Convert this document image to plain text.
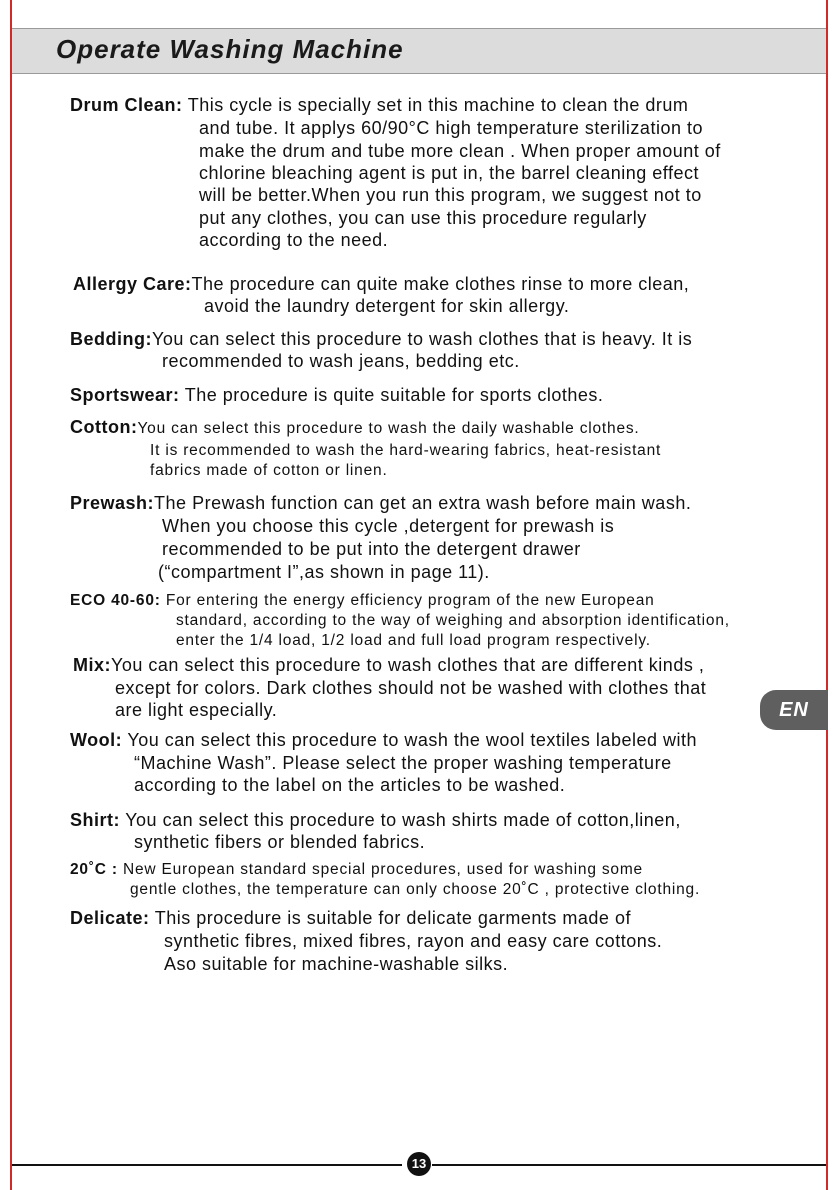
Operate Washing Machine
EN
Drum Clean: This cycle is specially set in this machine to clean the drum
and tube. It applys 60/90°C high temperature sterilization to
make the drum and tube more clean . When proper amount of
chlorine bleaching agent is put in, the barrel cleaning effect
will be better.When you run this program, we suggest not to
put any clothes, you can use this procedure regularly
according to the need.
Allergy Care:The procedure can quite make clothes rinse to more clean,
avoid the laundry detergent for skin allergy.
Bedding:You can select this procedure to wash clothes that is heavy. It is
recommended to wash jeans, bedding etc.
Sportswear: The procedure is quite suitable for sports clothes.
Cotton:You can select this procedure to wash the daily washable clothes.
It is recommended to wash the hard-wearing fabrics, heat-resistant
fabrics made of cotton or linen.
Prewash:The Prewash function can get an extra wash before main wash.
When you choose this cycle ,detergent for prewash is
recommended to be put into the detergent drawer
(“compartment I”,as shown in page 11).
ECO 40-60: For entering the energy efficiency program of the new European
standard, according to the way of weighing and absorption identification,
enter the 1/4 load, 1/2 load and full load program respectively.
Mix:You can select this procedure to wash clothes that are different kinds ,
except for colors. Dark clothes should not be washed with clothes that
are light especially.
Wool: You can select this procedure to wash the wool textiles labeled with
“Machine Wash”. Please select the proper washing temperature
according to the label on the articles to be washed.
Shirt: You can select this procedure to wash shirts made of cotton,linen,
synthetic fibers or blended fabrics.
20˚C : New European standard special procedures, used for washing some
gentle clothes, the temperature can only choose 20˚C , protective clothing.
Delicate: This procedure is suitable for delicate garments made of
synthetic fibres, mixed fibres, rayon and easy care cottons.
Aso suitable for machine-washable silks.
13
